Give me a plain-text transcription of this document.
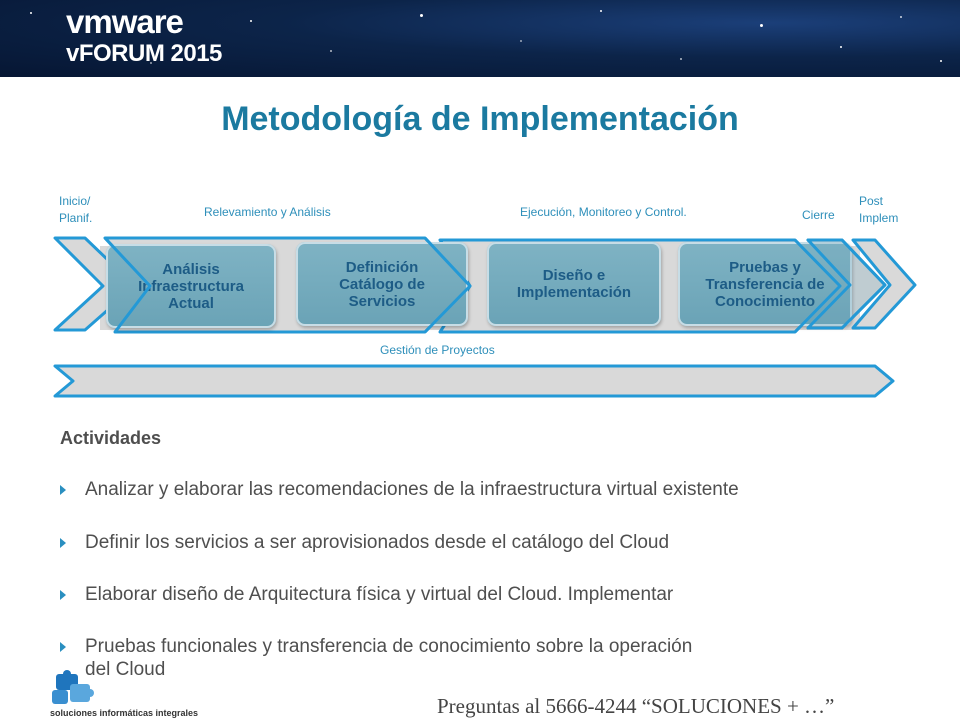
vmware
vFORUM 2015
Metodología de Implementación
Inicio/
Planif.	Relevamiento y Análisis	Ejecución, Monitoreo y Control.	Cierre
Post
Implem
Análisis
Infraestructura
Actual
Definición
Catálogo de
Servicios
Diseño e
Implementación
Pruebas y
Transferencia de
Conocimiento
Gestión de Proyectos
Actividades
Analizar y elaborar las recomendaciones de la infraestructura virtual existente
Definir los servicios a ser aprovisionados desde el catálogo del Cloud
Elaborar diseño de Arquitectura física y virtual del Cloud. Implementar
Pruebas funcionales y transferencia de conocimiento sobre la operación
del Cloud
soluciones informáticas integrales	Preguntas al 5666-4244 “SOLUCIONES + …”
